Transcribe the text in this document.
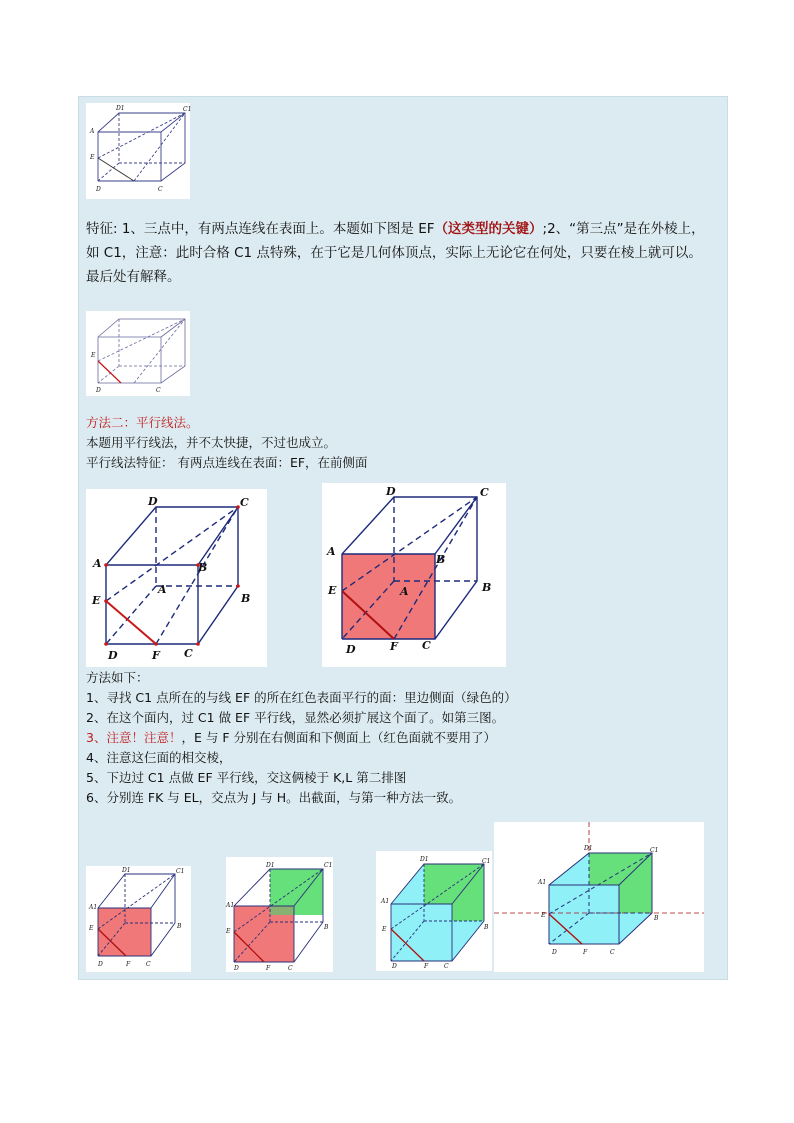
D1	C1
A
E
D	C
特征: 1、三点中，有两点连线在表面上。本题如下图是 EF（这类型的关键）;2、“第三点”是在外棱上，
如 C1，注意：此时合格 C1 点特殊，在于它是几何体顶点，实际上无论它在何处，只要在棱上就可以。
最后处有解释。
E
D	C
方法二：平行线法。
本题用平行线法，并不太快捷，不过也成立。
平行线法特征： 有两点连线在表面：EF，在前侧面
D	C
A	B
E
A
B
D	F C
D	C
A
B
E	A	B
D	F C
方法如下：
1、寻找 C1 点所在的与线 EF 的所在红色表面平行的面：里边侧面（绿色的）
2、在这个面内，过 C1 做 EF 平行线，显然必须扩展这个面了。如第三图。
3、注意！注意！，E 与 F 分别在右侧面和下侧面上（红色面就不要用了）
4、注意这仨面的相交棱，
5、下边过 C1 点做 EF 平行线，交这俩棱于 K,L 第二排图
6、分别连 FK 与 EL，交点为 J 与 H。出截面，与第一种方法一致。
D1	C1
A1
E
D	F	C
B
D1	C1
A1
E
D	F	C
B
D1	C1
A1
E
D	F	C
B
D1	C1
A1
E
D	F	C
B
